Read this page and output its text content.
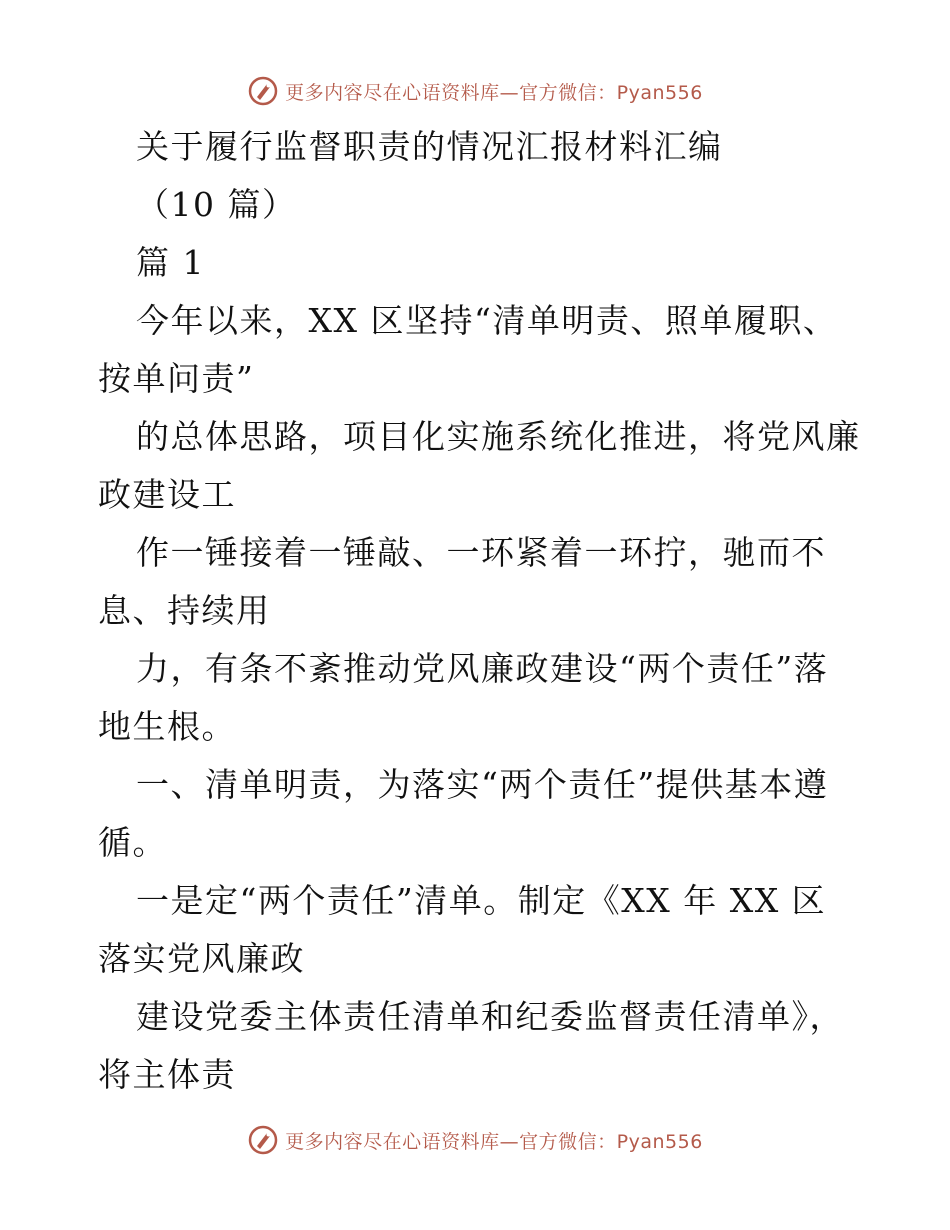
更多内容尽在心语资料库—官方微信：Pyan556
关于履行监督职责的情况汇报材料汇编
（10 篇）
篇 1
今年以来，XX 区坚持“清单明责、照单履职、
按单问责”
的总体思路，项目化实施系统化推进，将党风廉
政建设工
作一锤接着一锤敲、一环紧着一环拧，驰而不
息、持续用
力，有条不紊推动党风廉政建设“两个责任”落
地生根。
一、清单明责，为落实“两个责任”提供基本遵
循。
一是定“两个责任”清单。制定《XX 年 XX 区
落实党风廉政
建设党委主体责任清单和纪委监督责任清单》，
将主体责
更多内容尽在心语资料库—官方微信：Pyan556
